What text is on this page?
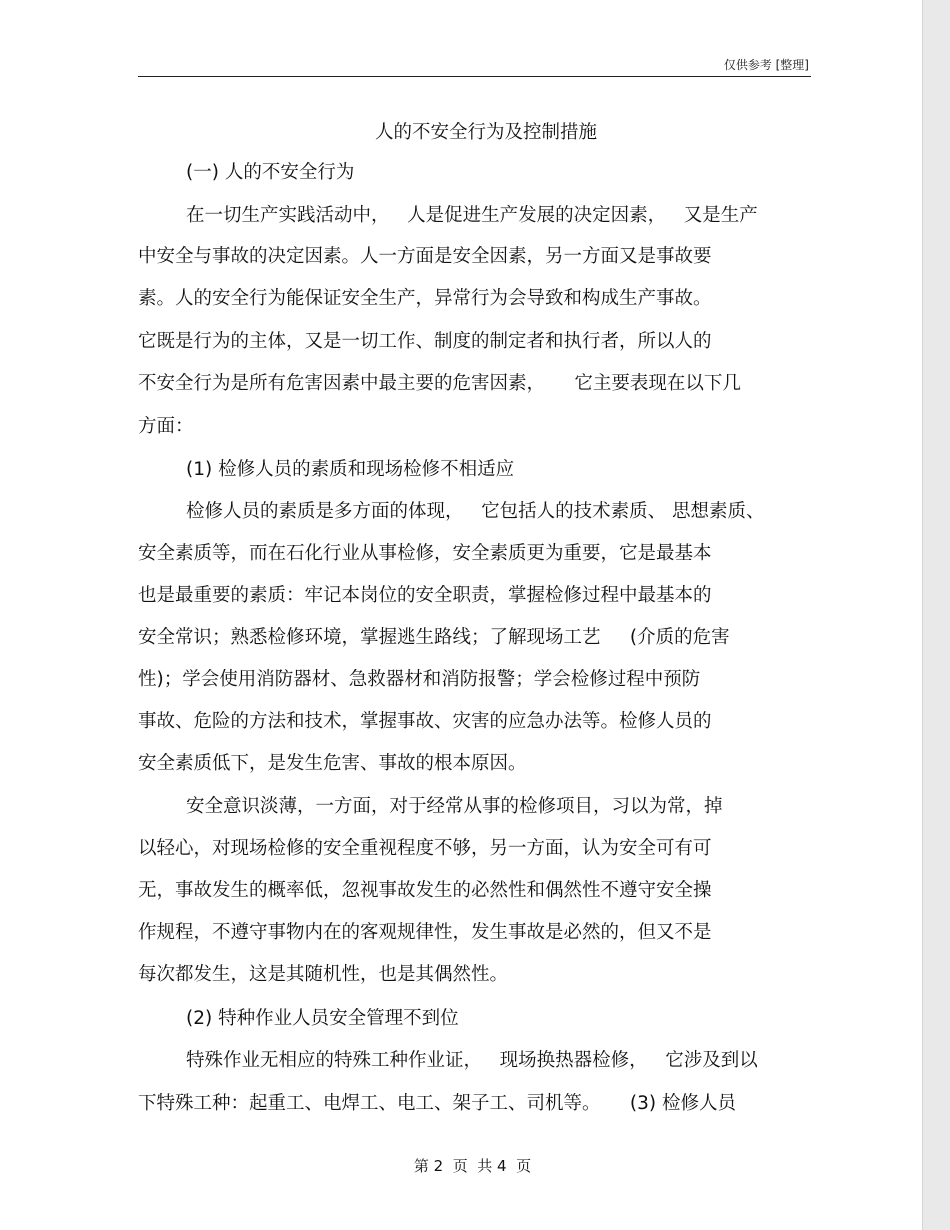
仅供参考 [整理]
人的不安全行为及控制措施
(一) 人的不安全行为
在一切生产实践活动中，   人是促进生产发展的决定因素，   又是生产
中安全与事故的决定因素。人一方面是安全因素，另一方面又是事故要
素。人的安全行为能保证安全生产，异常行为会导致和构成生产事故。
它既是行为的主体，又是一切工作、制度的制定者和执行者，所以人的
不安全行为是所有危害因素中最主要的危害因素，     它主要表现在以下几
方面：
(1) 检修人员的素质和现场检修不相适应
检修人员的素质是多方面的体现，   它包括人的技术素质、 思想素质、
安全素质等，而在石化行业从事检修，安全素质更为重要，它是最基本
也是最重要的素质：牢记本岗位的安全职责，掌握检修过程中最基本的
安全常识；熟悉检修环境，掌握逃生路线；了解现场工艺     (介质的危害
性)；学会使用消防器材、急救器材和消防报警；学会检修过程中预防
事故、危险的方法和技术，掌握事故、灾害的应急办法等。检修人员的
安全素质低下，是发生危害、事故的根本原因。
安全意识淡薄，一方面，对于经常从事的检修项目，习以为常，掉
以轻心，对现场检修的安全重视程度不够，另一方面，认为安全可有可
无，事故发生的概率低，忽视事故发生的必然性和偶然性不遵守安全操
作规程，不遵守事物内在的客观规律性，发生事故是必然的，但又不是
每次都发生，这是其随机性，也是其偶然性。
(2) 特种作业人员安全管理不到位
特殊作业无相应的特殊工种作业证，   现场换热器检修，   它涉及到以
下特殊工种：起重工、电焊工、电工、架子工、司机等。     (3) 检修人员
第 2  页  共 4  页
